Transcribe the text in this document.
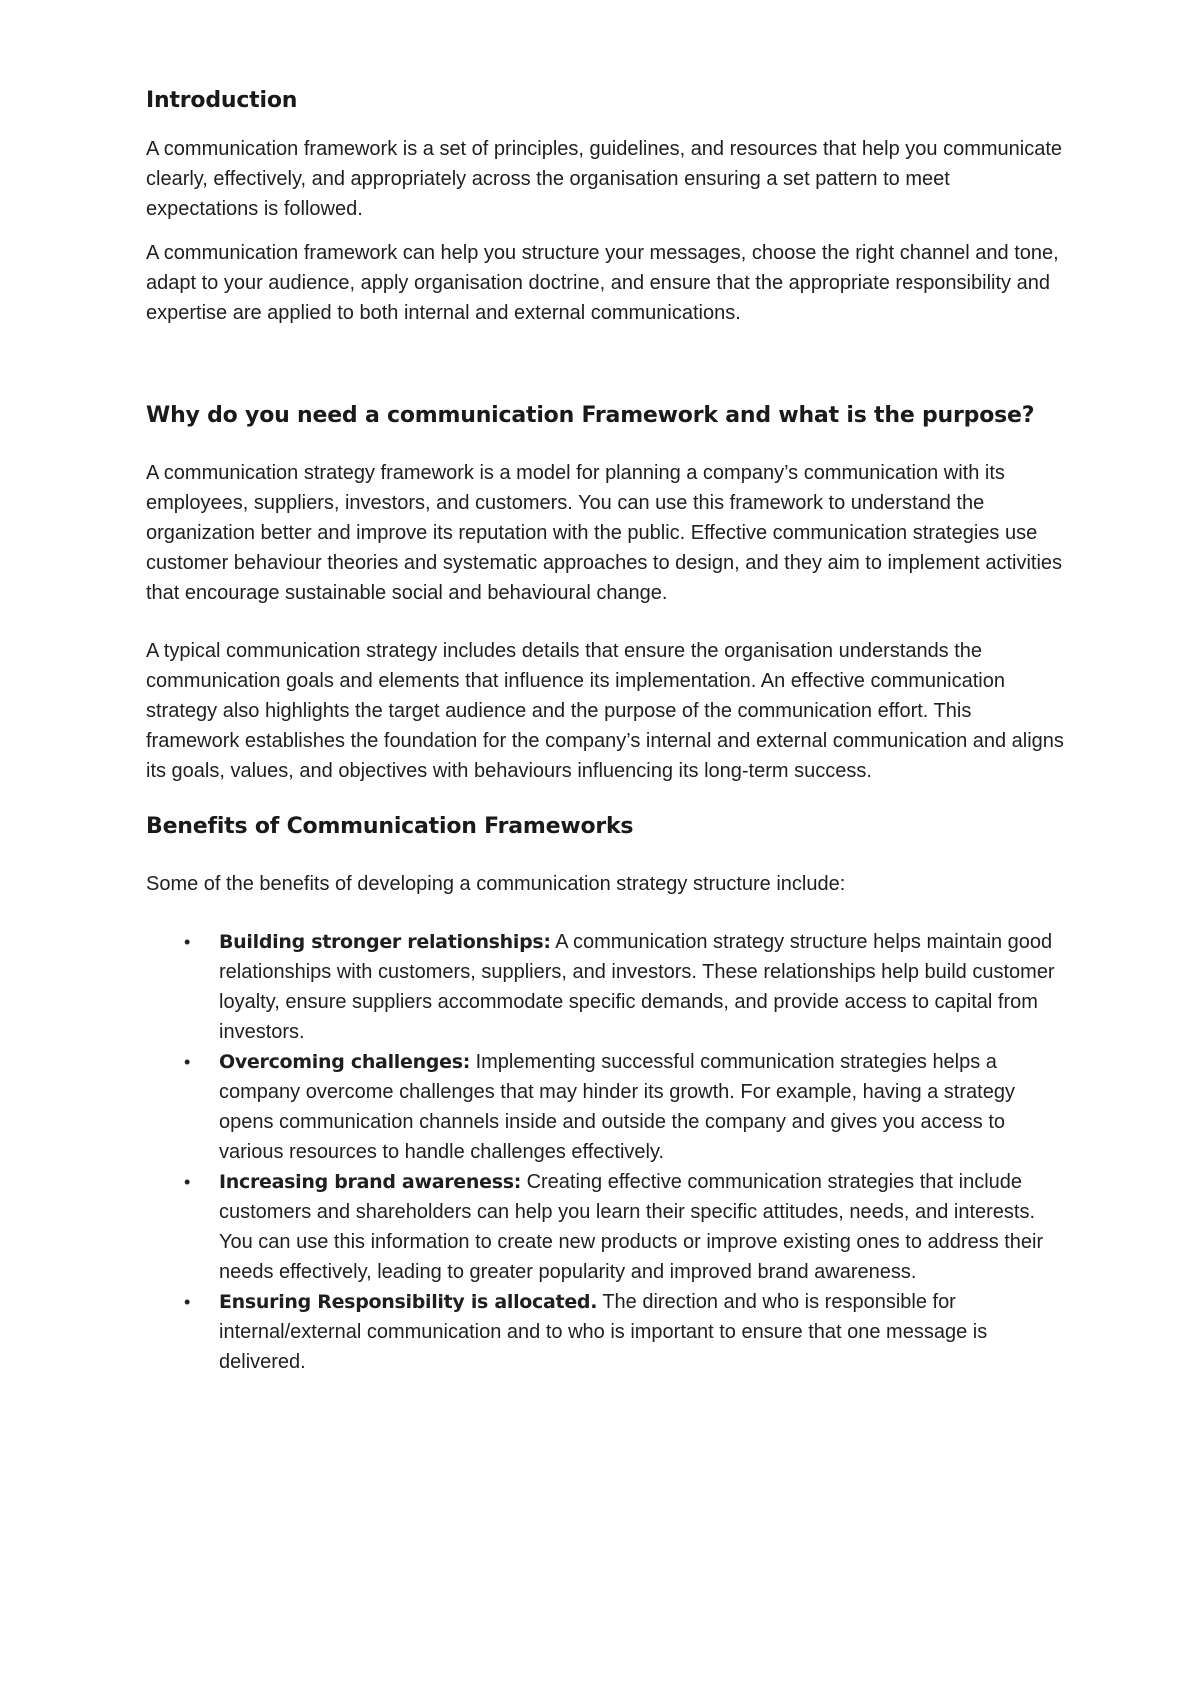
Introduction

A communication framework is a set of principles, guidelines, and resources that help you communicate clearly, effectively, and appropriately across the organisation ensuring a set pattern to meet expectations is followed.

A communication framework can help you structure your messages, choose the right channel and tone, adapt to your audience, apply organisation doctrine, and ensure that the appropriate responsibility and expertise are applied to both internal and external communications.

Why do you need a communication Framework and what is the purpose?

A communication strategy framework is a model for planning a company’s communication with its employees, suppliers, investors, and customers. You can use this framework to understand the organization better and improve its reputation with the public. Effective communication strategies use customer behaviour theories and systematic approaches to design, and they aim to implement activities that encourage sustainable social and behavioural change.

A typical communication strategy includes details that ensure the organisation understands the communication goals and elements that influence its implementation. An effective communication strategy also highlights the target audience and the purpose of the communication effort. This framework establishes the foundation for the company’s internal and external communication and aligns its goals, values, and objectives with behaviours influencing its long-term success.

Benefits of Communication Frameworks

Some of the benefits of developing a communication strategy structure include:

• Building stronger relationships: A communication strategy structure helps maintain good relationships with customers, suppliers, and investors. These relationships help build customer loyalty, ensure suppliers accommodate specific demands, and provide access to capital from investors.
• Overcoming challenges: Implementing successful communication strategies helps a company overcome challenges that may hinder its growth. For example, having a strategy opens communication channels inside and outside the company and gives you access to various resources to handle challenges effectively.
• Increasing brand awareness: Creating effective communication strategies that include customers and shareholders can help you learn their specific attitudes, needs, and interests. You can use this information to create new products or improve existing ones to address their needs effectively, leading to greater popularity and improved brand awareness.
• Ensuring Responsibility is allocated. The direction and who is responsible for internal/external communication and to who is important to ensure that one message is delivered.
